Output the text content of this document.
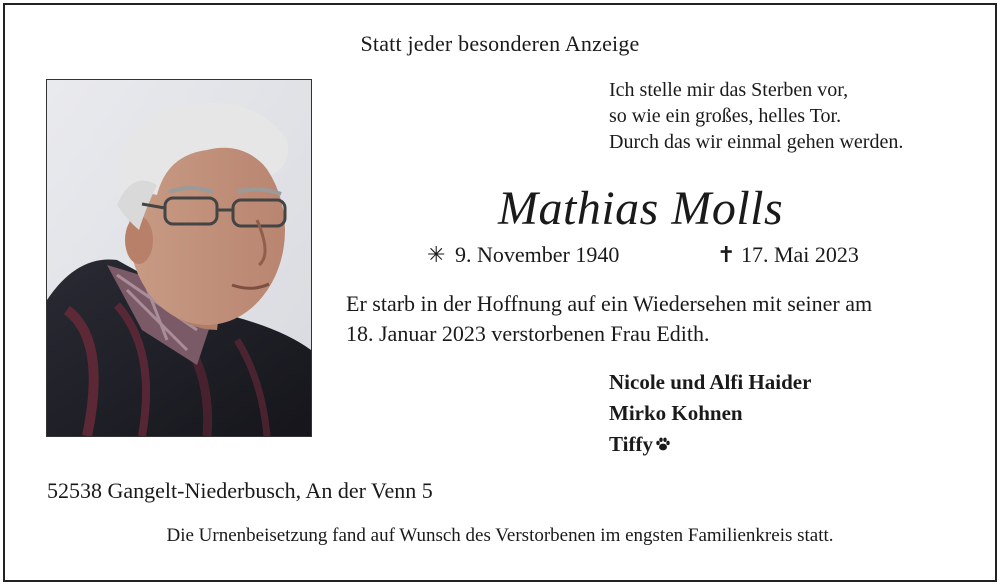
Statt jeder besonderen Anzeige
Ich stelle mir das Sterben vor,
so wie ein großes, helles Tor.
Durch das wir einmal gehen werden.
Mathias Molls
✳ 9. November 1940	✝ 17. Mai 2023
Er starb in der Hoffnung auf ein Wiedersehen mit seiner am
18. Januar 2023 verstorbenen Frau Edith.
Nicole und Alfi Haider
Mirko Kohnen
Tiffy
52538 Gangelt-Niederbusch, An der Venn 5
Die Urnenbeisetzung fand auf Wunsch des Verstorbenen im engsten Familienkreis statt.
